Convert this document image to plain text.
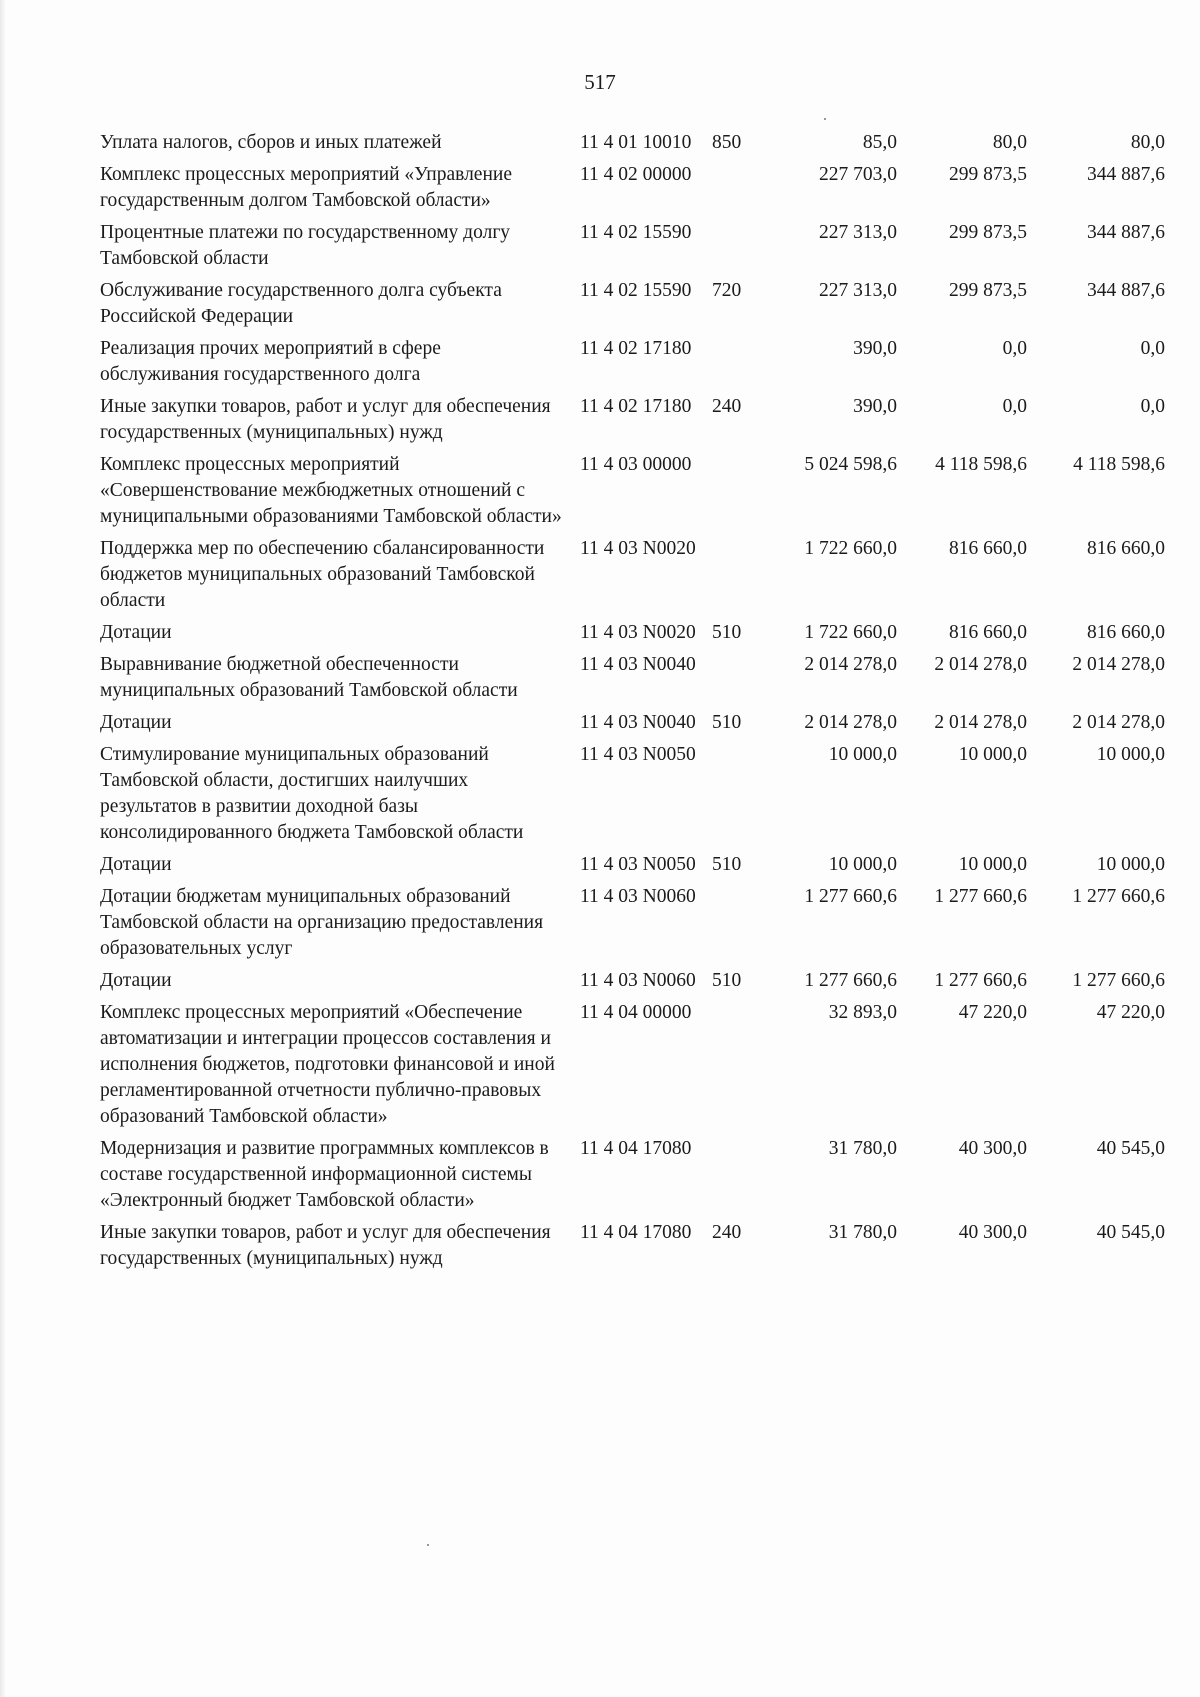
517
Уплата налогов, сборов и иных платежей	11 4 01 10010	850	85,0	80,0	80,0
Комплекс процессных мероприятий «Управление государственным долгом Тамбовской области»	11 4 02 00000		227 703,0	299 873,5	344 887,6
Процентные платежи по государственному долгу Тамбовской области	11 4 02 15590		227 313,0	299 873,5	344 887,6
Обслуживание государственного долга субъекта Российской Федерации	11 4 02 15590	720	227 313,0	299 873,5	344 887,6
Реализация прочих мероприятий в сфере обслуживания государственного долга	11 4 02 17180		390,0	0,0	0,0
Иные закупки товаров, работ и услуг для обеспечения государственных (муниципальных) нужд	11 4 02 17180	240	390,0	0,0	0,0
Комплекс процессных мероприятий «Совершенствование межбюджетных отношений с муниципальными образованиями Тамбовской области»	11 4 03 00000		5 024 598,6	4 118 598,6	4 118 598,6
Поддержка мер по обеспечению сбалансированности бюджетов муниципальных образований Тамбовской области	11 4 03 N0020		1 722 660,0	816 660,0	816 660,0
Дотации	11 4 03 N0020	510	1 722 660,0	816 660,0	816 660,0
Выравнивание бюджетной обеспеченности муниципальных образований Тамбовской области	11 4 03 N0040		2 014 278,0	2 014 278,0	2 014 278,0
Дотации	11 4 03 N0040	510	2 014 278,0	2 014 278,0	2 014 278,0
Стимулирование муниципальных образований Тамбовской области, достигших наилучших результатов в развитии доходной базы консолидированного бюджета Тамбовской области	11 4 03 N0050		10 000,0	10 000,0	10 000,0
Дотации	11 4 03 N0050	510	10 000,0	10 000,0	10 000,0
Дотации бюджетам муниципальных образований Тамбовской области на организацию предоставления образовательных услуг	11 4 03 N0060		1 277 660,6	1 277 660,6	1 277 660,6
Дотации	11 4 03 N0060	510	1 277 660,6	1 277 660,6	1 277 660,6
Комплекс процессных мероприятий «Обеспечение автоматизации и интеграции процессов составления и исполнения бюджетов, подготовки финансовой и иной регламентированной отчетности публично-правовых образований Тамбовской области»	11 4 04 00000		32 893,0	47 220,0	47 220,0
Модернизация и развитие программных комплексов в составе государственной информационной системы «Электронный бюджет Тамбовской области»	11 4 04 17080		31 780,0	40 300,0	40 545,0
Иные закупки товаров, работ и услуг для обеспечения государственных (муниципальных) нужд	11 4 04 17080	240	31 780,0	40 300,0	40 545,0
